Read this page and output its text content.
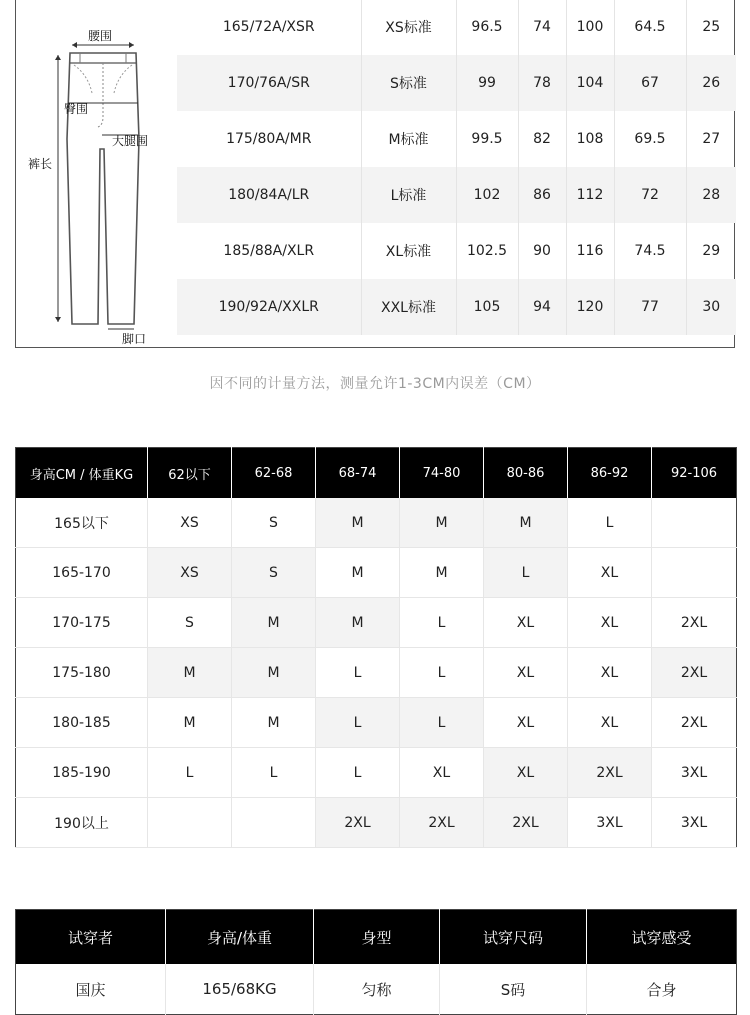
腰围
臀围
大腿围
裤长
脚口
165/72A/XSR	XS标准	96.5	74	100	64.5	25
170/76A/SR	S标准	99	78	104	67	26
175/80A/MR	M标准	99.5	82	108	69.5	27
180/84A/LR	L标准	102	86	112	72	28
185/88A/XLR	XL标准	102.5	90	116	74.5	29
190/92A/XXLR	XXL标准	105	94	120	77	30
因不同的计量方法，测量允许1-3CM内误差（CM）
身高CM / 体重KG	62以下	62-68	68-74	74-80	80-86	86-92	92-106
165以下	XS	S	M	M	M	L	
165-170	XS	S	M	M	L	XL	
170-175	S	M	M	L	XL	XL	2XL
175-180	M	M	L	L	XL	XL	2XL
180-185	M	M	L	L	XL	XL	2XL
185-190	L	L	L	XL	XL	2XL	3XL
190以上			2XL	2XL	2XL	3XL	3XL
试穿者	身高/体重	身型	试穿尺码	试穿感受
国庆	165/68KG	匀称	S码	合身
